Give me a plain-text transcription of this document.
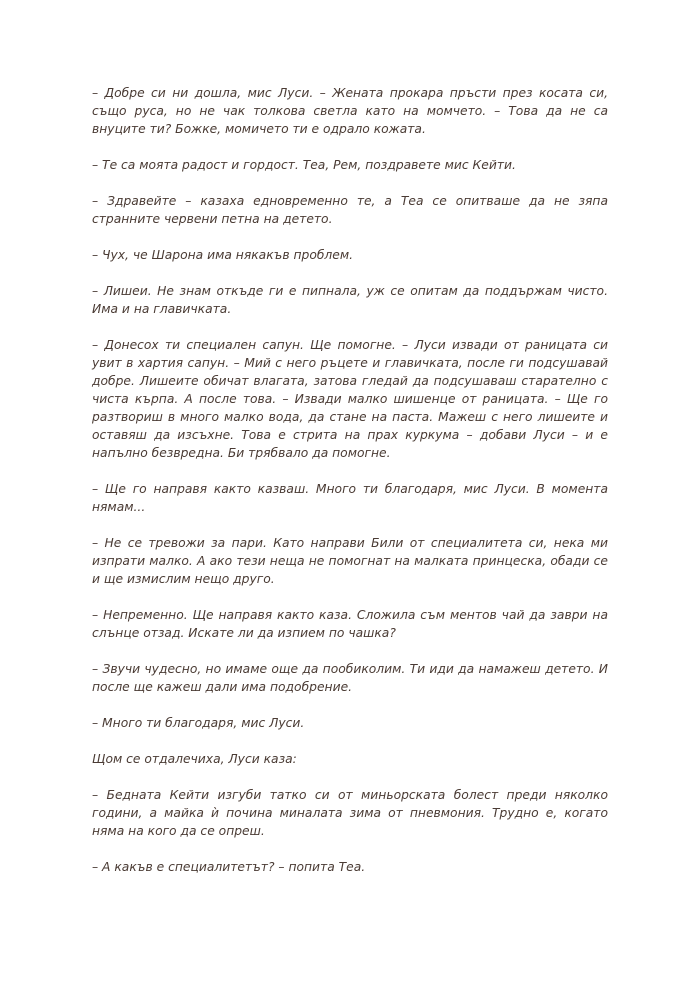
– Добре си ни дошла, мис Луси. – Жената прокара пръсти през косата си, също руса, но не чак толкова светла като на момчето. – Това да не са внуците ти? Божке, момичето ти е одрало кожата.

– Те са моята радост и гордост. Теа, Рем, поздравете мис Кейти.

– Здравейте – казаха едновременно те, а Теа се опитваше да не зяпа странните червени петна на детето.

– Чух, че Шарона има някакъв проблем.

– Лишеи. Не знам откъде ги е пипнала, уж се опитам да поддържам чисто. Има и на главичката.

– Донесох ти специален сапун. Ще помогне. – Луси извади от раницата си увит в хартия сапун. – Мий с него ръцете и главичката, после ги подсушавай добре. Лишеите обичат влагата, затова гледай да подсушаваш старателно с чиста кърпа. А после това. – Извади малко шишенце от раницата. – Ще го разтвориш в много малко вода, да стане на паста. Мажеш с него лишеите и оставяш да изсъхне. Това е стрита на прах куркума – добави Луси – и е напълно безвредна. Би трябвало да помогне.

– Ще го направя както казваш. Много ти благодаря, мис Луси. В момента нямам...

– Не се тревожи за пари. Като направи Били от специалитета си, нека ми изпрати малко. А ако тези неща не помогнат на малката принцеска, обади се и ще измислим нещо друго.

– Непременно. Ще направя както каза. Сложила съм ментов чай да заври на слънце отзад. Искате ли да изпием по чашка?

– Звучи чудесно, но имаме още да пообиколим. Ти иди да намажеш детето. И после ще кажеш дали има подобрение.

– Много ти благодаря, мис Луси.

Щом се отдалечиха, Луси каза:

– Бедната Кейти изгуби татко си от миньорската болест преди няколко години, а майка ѝ почина миналата зима от пневмония. Трудно е, когато няма на кого да се опреш.

– А какъв е специалитетът? – попита Теа.
